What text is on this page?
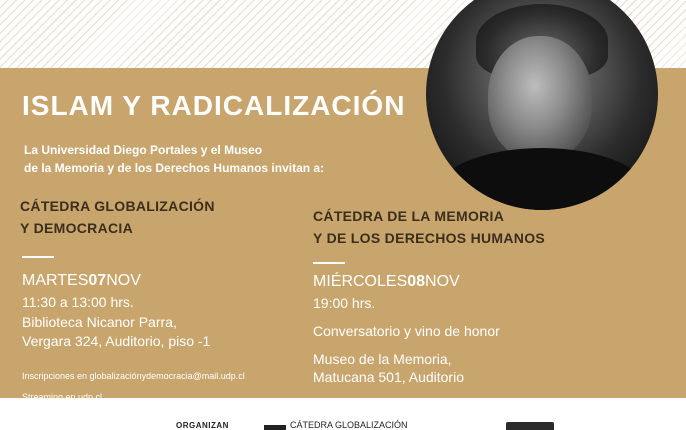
ISLAM Y RADICALIZACIÓN
La Universidad Diego Portales y el Museo
de la Memoria y de los Derechos Humanos invitan a:
CÁTEDRA GLOBALIZACIÓN
Y DEMOCRACIA
MARTES07NOV
11:30 a 13:00 hrs.
Biblioteca Nicanor Parra,
Vergara 324, Auditorio, piso -1
Inscripciones en globalizaciónydemocracia@mail.udp.cl
Streaming en udp.cl
CÁTEDRA DE LA MEMORIA
Y DE LOS DERECHOS HUMANOS
MIÉRCOLES08NOV
19:00 hrs.
Conversatorio y vino de honor
Museo de la Memoria,
Matucana 501, Auditorio
ORGANIZAN	CÁTEDRA GLOBALIZACIÓN
